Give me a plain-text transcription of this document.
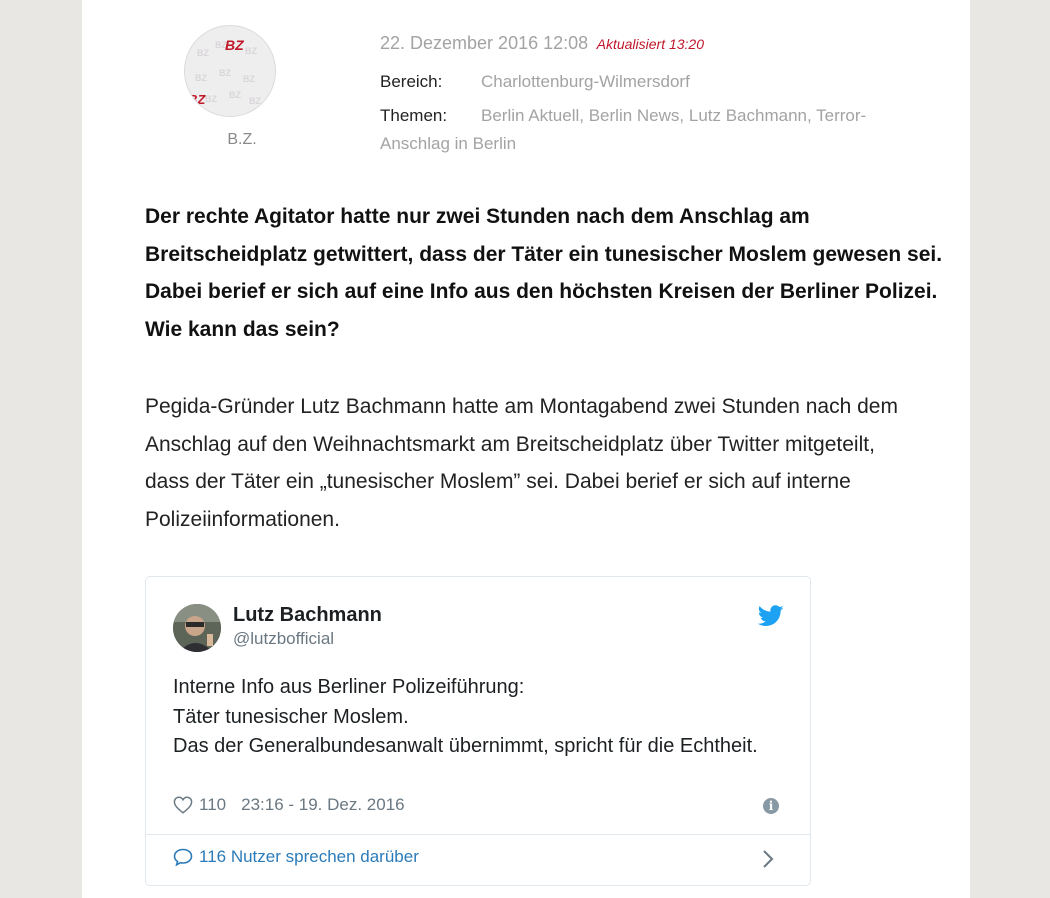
BZ
BZ
BZ
BZ BZ
BZ
BZ BZ
BZ
BZ
BZ
B.Z.
22. Dezember 2016 12:08 Aktualisiert 13:20
Bereich: Charlottenburg-Wilmersdorf
Themen: Berlin Aktuell, Berlin News, Lutz Bachmann, Terror-Anschlag in Berlin
Der rechte Agitator hatte nur zwei Stunden nach dem Anschlag am Breitscheidplatz getwittert, dass der Täter ein tunesischer Moslem gewesen sei. Dabei berief er sich auf eine Info aus den höchsten Kreisen der Berliner Polizei. Wie kann das sein?
Pegida-Gründer Lutz Bachmann hatte am Montagabend zwei Stunden nach dem Anschlag auf den Weihnachtsmarkt am Breitscheidplatz über Twitter mitgeteilt, dass der Täter ein „tunesischer Moslem” sei. Dabei berief er sich auf interne Polizeiinformationen.
Lutz Bachmann
@lutzbofficial
Interne Info aus Berliner Polizeiführung:
Täter tunesischer Moslem.
Das der Generalbundesanwalt übernimmt, spricht für die Echtheit.
110 23:16 - 19. Dez. 2016	i
116 Nutzer sprechen darüber
